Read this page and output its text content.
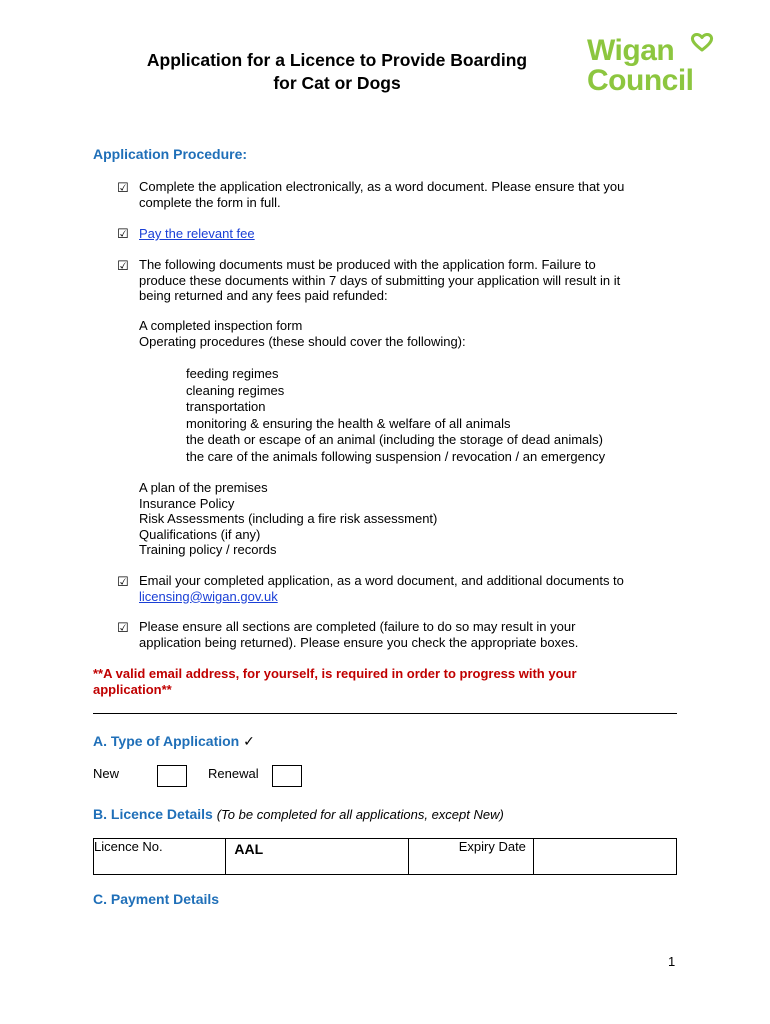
Application for a Licence to Provide Boarding
for Cat or Dogs
Wigan
Council
Application Procedure:
☑ Complete the application electronically, as a word document. Please ensure that you
complete the form in full.
☑ Pay the relevant fee
☑ The following documents must be produced with the application form. Failure to
produce these documents within 7 days of submitting your application will result in it
being returned and any fees paid refunded:
A completed inspection form
Operating procedures (these should cover the following):
feeding regimes
cleaning regimes
transportation
monitoring & ensuring the health & welfare of all animals
the death or escape of an animal (including the storage of dead animals)
the care of the animals following suspension / revocation / an emergency
A plan of the premises
Insurance Policy
Risk Assessments (including a fire risk assessment)
Qualifications (if any)
Training policy / records
☑ Email your completed application, as a word document, and additional documents to
licensing@wigan.gov.uk
☑ Please ensure all sections are completed (failure to do so may result in your
application being returned). Please ensure you check the appropriate boxes.
**A valid email address, for yourself, is required in order to progress with your
application**
A. Type of Application ✓
New	Renewal
B. Licence Details (To be completed for all applications, except New)
Licence No.	AAL	Expiry Date	
C. Payment Details
1
